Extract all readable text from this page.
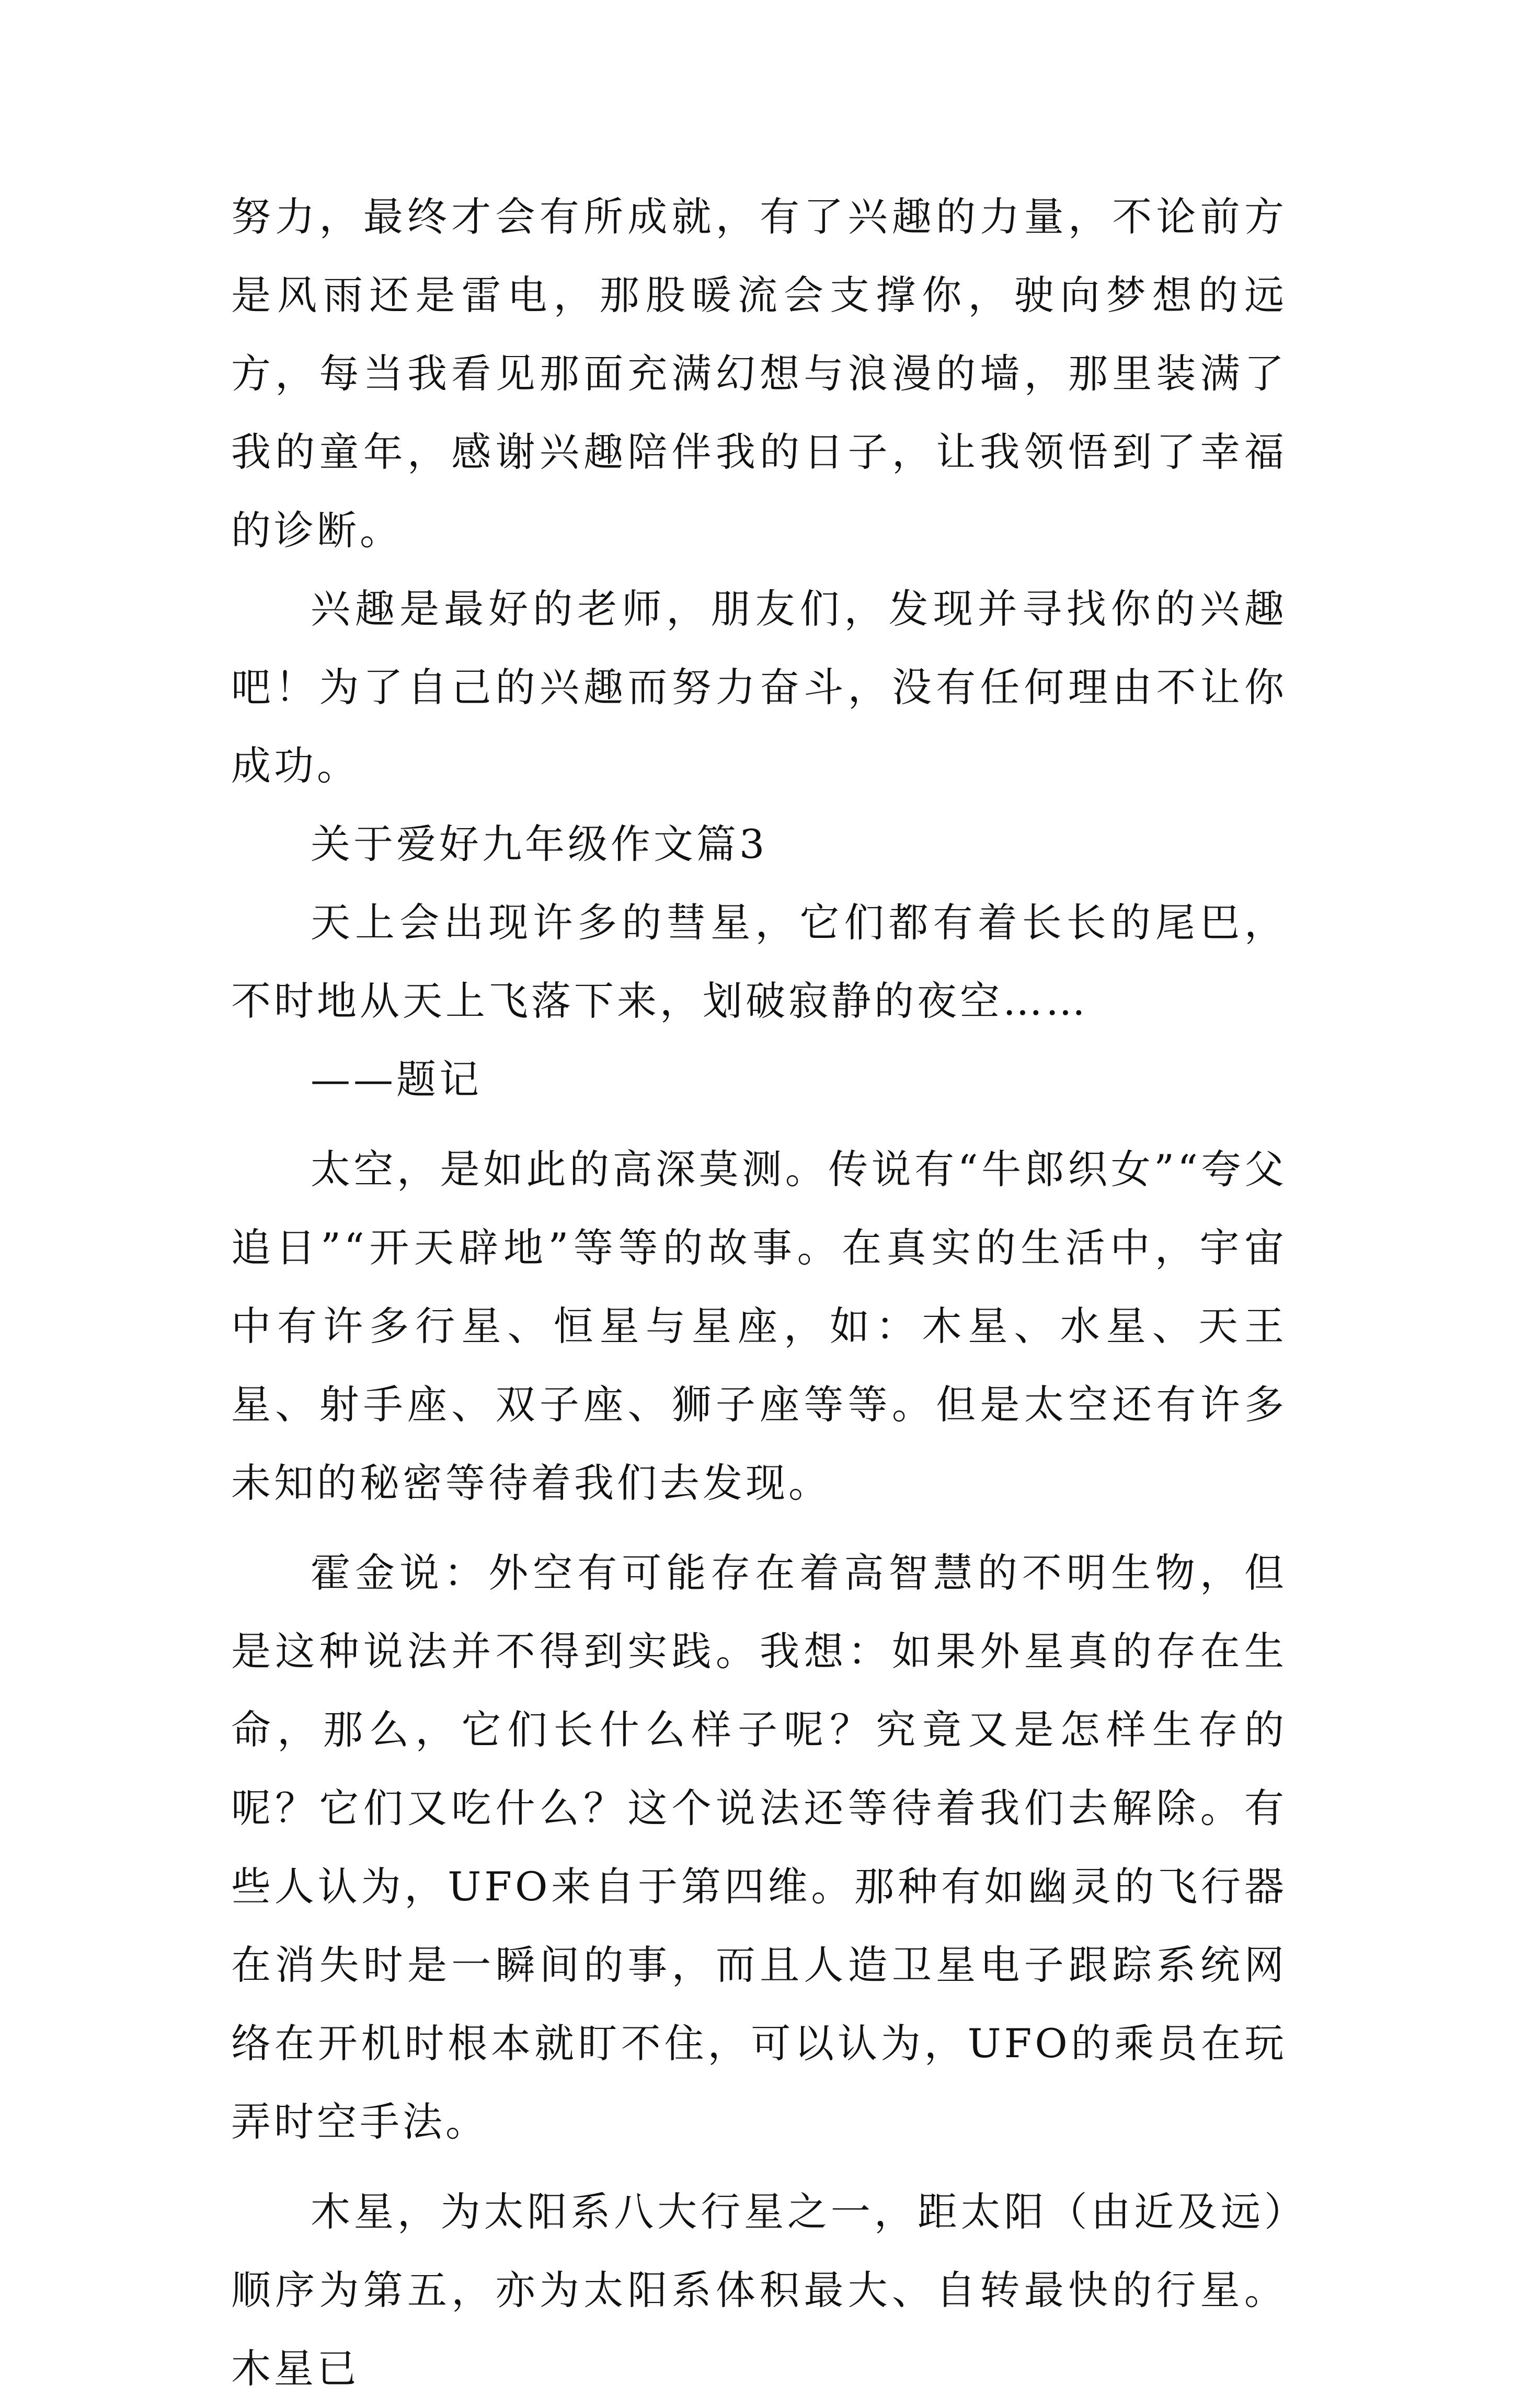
努力，最终才会有所成就，有了兴趣的力量，不论前方是风雨还是雷电，那股暖流会支撑你，驶向梦想的远方，每当我看见那面充满幻想与浪漫的墙，那里装满了我的童年，感谢兴趣陪伴我的日子，让我领悟到了幸福的诊断。

兴趣是最好的老师，朋友们，发现并寻找你的兴趣吧！为了自己的兴趣而努力奋斗，没有任何理由不让你成功。

关于爱好九年级作文篇3

天上会出现许多的彗星，它们都有着长长的尾巴，不时地从天上飞落下来，划破寂静的夜空……

——题记

太空，是如此的高深莫测。传说有“牛郎织女”“夸父追日”“开天辟地”等等的故事。在真实的生活中，宇宙中有许多行星、恒星与星座，如：木星、水星、天王星、射手座、双子座、狮子座等等。但是太空还有许多未知的秘密等待着我们去发现。

霍金说：外空有可能存在着高智慧的不明生物，但是这种说法并不得到实践。我想：如果外星真的存在生命，那么，它们长什么样子呢？究竟又是怎样生存的呢？它们又吃什么？这个说法还等待着我们去解除。有些人认为，UFO来自于第四维。那种有如幽灵的飞行器在消失时是一瞬间的事，而且人造卫星电子跟踪系统网络在开机时根本就盯不住，可以认为，UFO的乘员在玩弄时空手法。

木星，为太阳系八大行星之一，距太阳（由近及远）顺序为第五，亦为太阳系体积最大、自转最快的行星。木星已
